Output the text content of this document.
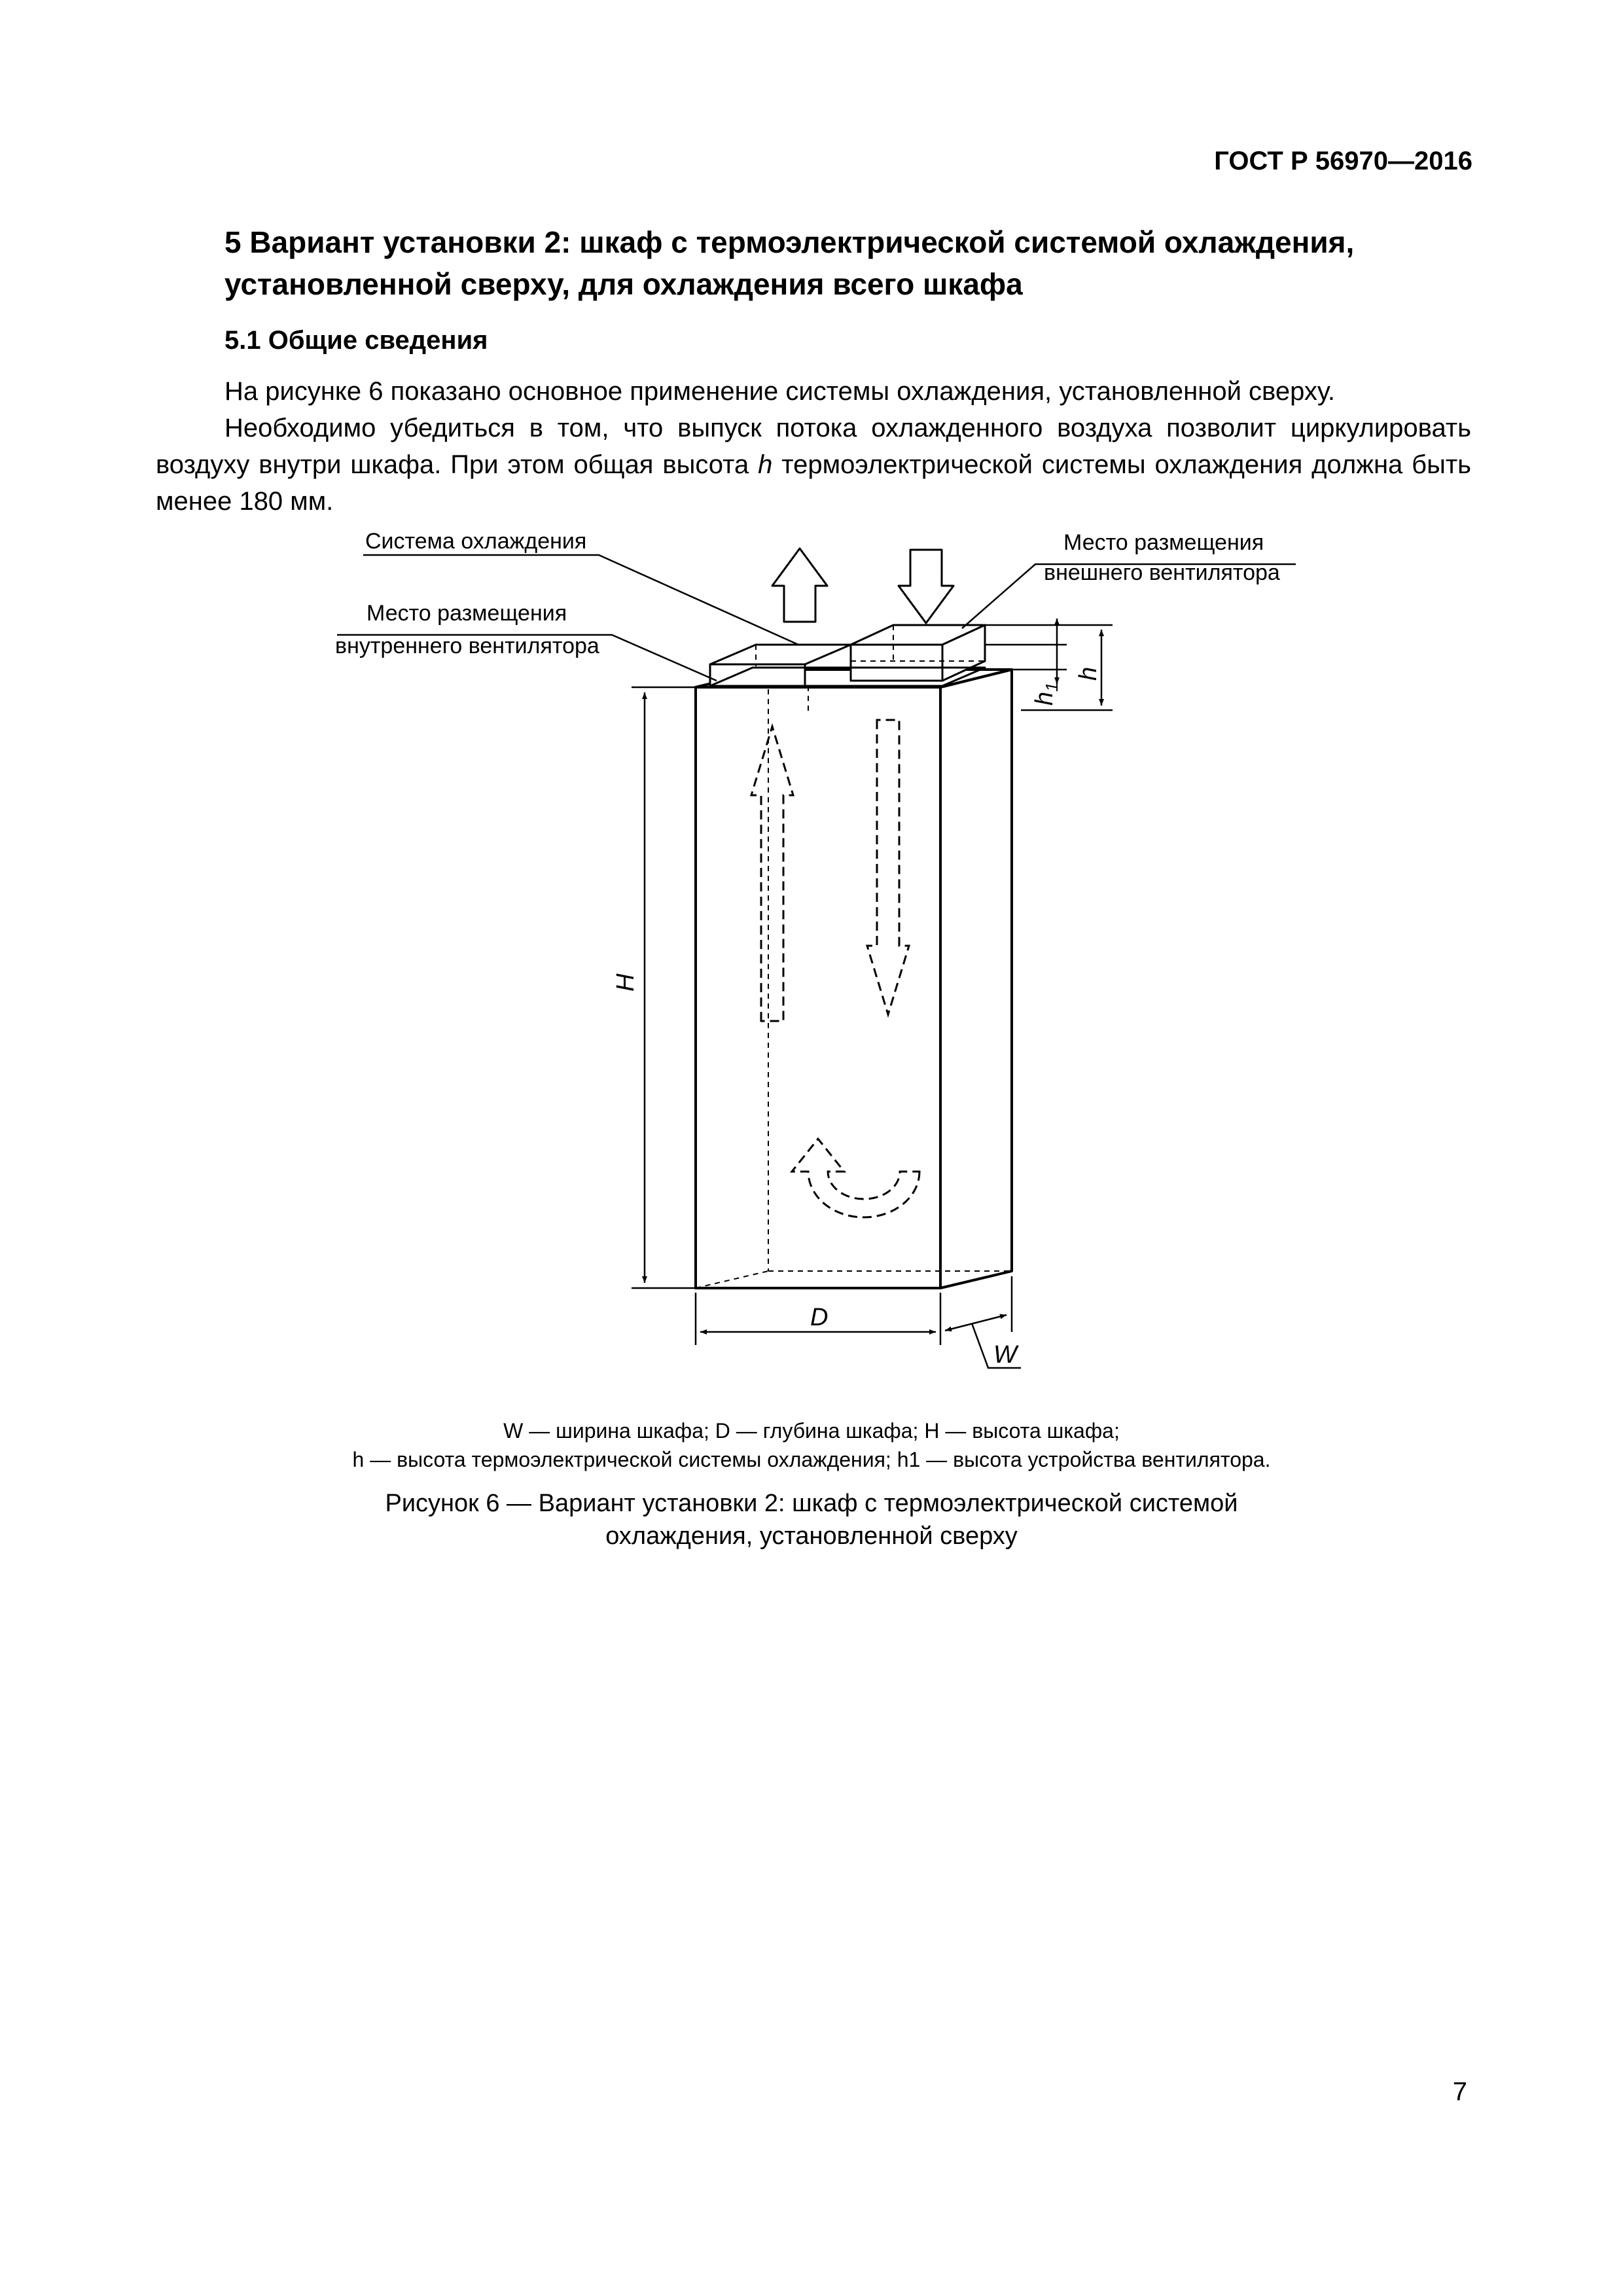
ГОСТ Р 56970—2016
5 Вариант установки 2: шкаф с термоэлектрической системой охлаждения, установленной сверху, для охлаждения всего шкафа
5.1 Общие сведения

На рисунке 6 показано основное применение системы охлаждения, установленной сверху.

Необходимо убедиться в том, что выпуск потока охлажденного воздуха позволит циркулировать воздуху внутри шкафа. При этом общая высота h термоэлектрической системы охлаждения должна быть менее 180 мм.

Система охлаждения
Место размещения
внутреннего вентилятора
Место размещения
внешнего вентилятора
H
D
W
$h_1$
h
W — ширина шкафа; D — глубина шкафа; H — высота шкафа;
h — высота термоэлектрической системы охлаждения; h1 — высота устройства вентилятора.
Рисунок 6 — Вариант установки 2: шкаф с термоэлектрической системой
охлаждения, установленной сверху
7
